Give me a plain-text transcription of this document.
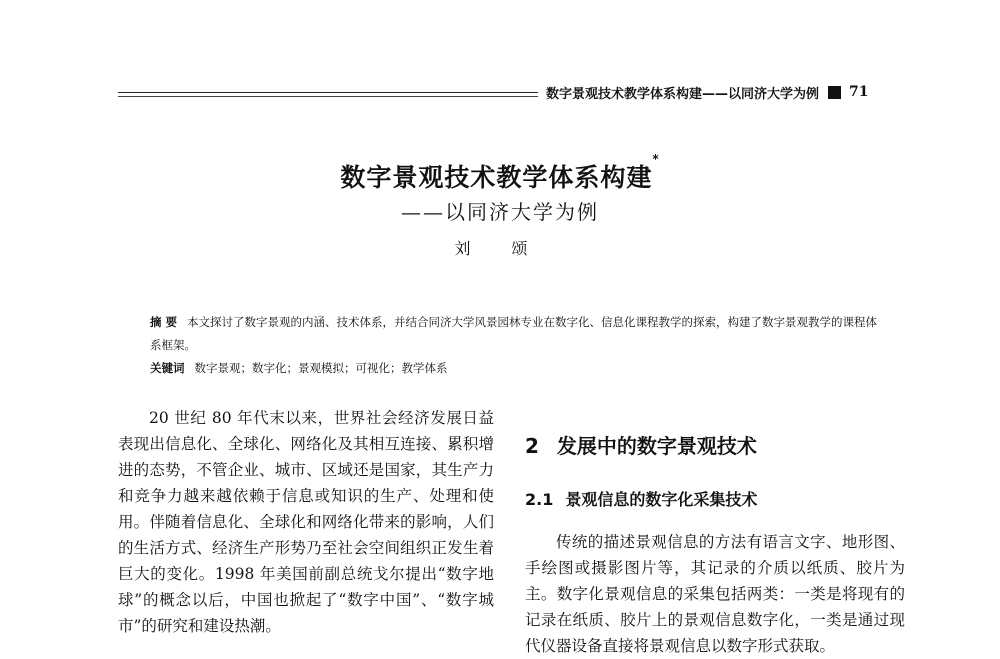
数字景观技术教学体系构建——以同济大学为例 71
数字景观技术教学体系构建*
——以同济大学为例
刘 颂
摘 要 本文探讨了数字景观的内涵、技术体系，并结合同济大学风景园林专业在数字化、信息化课程教学的探索，构建了数字景观教学的课程体系框架。
关键词 数字景观；数字化；景观模拟；可视化；教学体系

20 世纪 80 年代末以来，世界社会经济发展日益表现出信息化、全球化、网络化及其相互连接、累积增进的态势，不管企业、城市、区域还是国家，其生产力和竞争力越来越依赖于信息或知识的生产、处理和使用。伴随着信息化、全球化和网络化带来的影响，人们的生活方式、经济生产形势乃至社会空间组织正发生着巨大的变化。1998 年美国前副总统戈尔提出“数字地球”的概念以后，中国也掀起了“数字中国”、“数字城市”的研究和建设热潮。

2 发展中的数字景观技术
2.1 景观信息的数字化采集技术

传统的描述景观信息的方法有语言文字、地形图、手绘图或摄影图片等，其记录的介质以纸质、胶片为主。数字化景观信息的采集包括两类：一类是将现有的记录在纸质、胶片上的景观信息数字化，一类是通过现代仪器设备直接将景观信息以数字形式获取。
